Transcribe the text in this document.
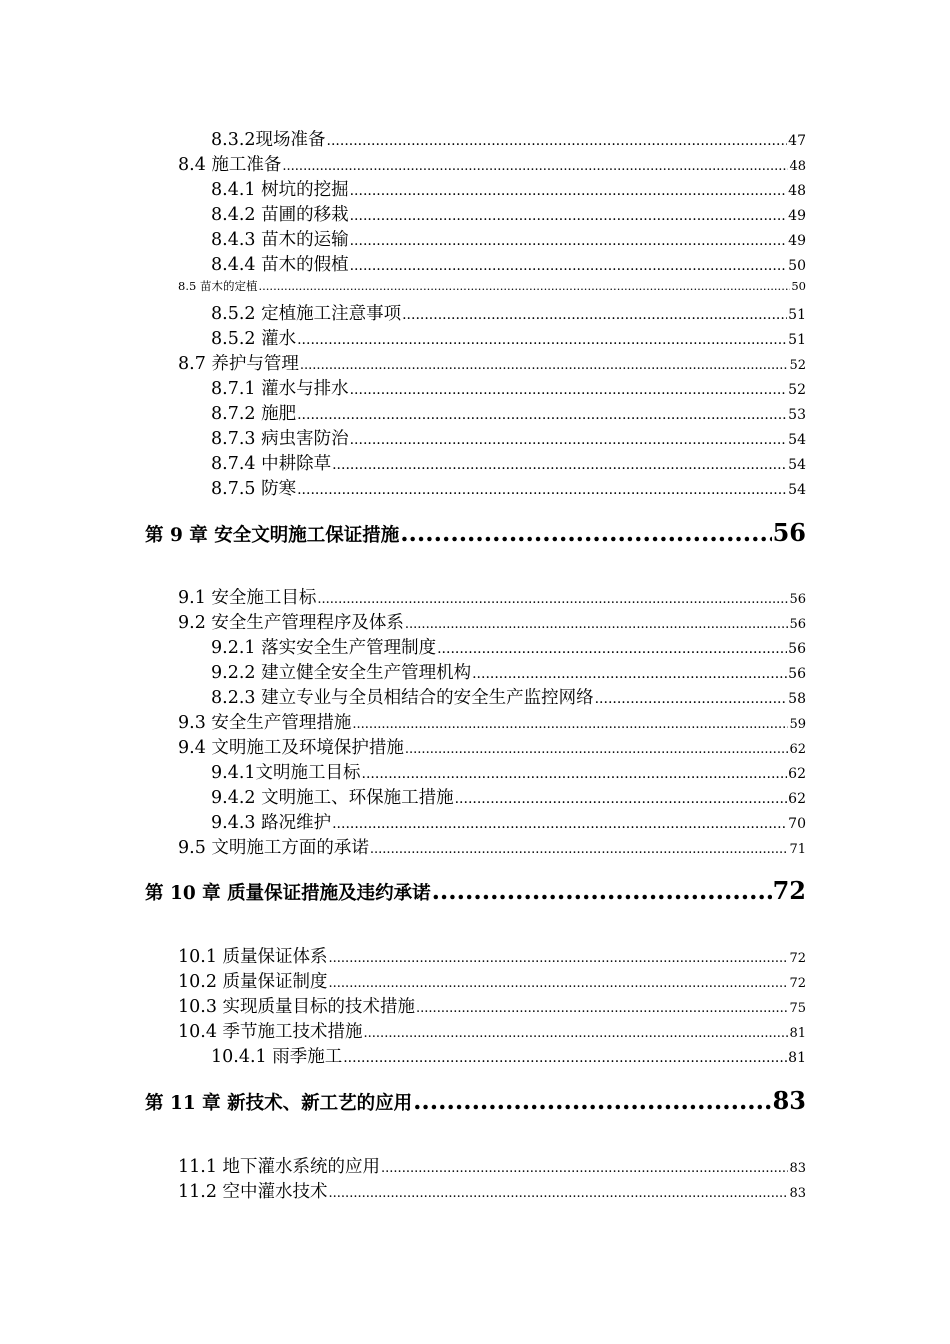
8.3.2现场准备 .....	47
8.4 施工准备 .....	48
8.4.1 树坑的挖掘 .....	48
8.4.2 苗圃的移栽 .....	49
8.4.3 苗木的运输 .....	49
8.4.4 苗木的假植 .....	50
8.5 苗木的定植 .....	50
8.5.2 定植施工注意事项 .....	51
8.5.2 灌水 .....	51
8.7 养护与管理 .....	52
8.7.1 灌水与排水 .....	52
8.7.2 施肥 .....	53
8.7.3 病虫害防治 .....	54
8.7.4 中耕除草 .....	54
8.7.5 防寒 .....	54
第 9 章 安全文明施工保证措施 .....	56
9.1 安全施工目标 .....	56
9.2 安全生产管理程序及体系 .....	56
9.2.1 落实安全生产管理制度 .....	56
9.2.2 建立健全安全生产管理机构 .....	56
8.2.3 建立专业与全员相结合的安全生产监控网络 .....	58
9.3 安全生产管理措施 .....	59
9.4 文明施工及环境保护措施 .....	62
9.4.1文明施工目标 .....	62
9.4.2 文明施工、环保施工措施 .....	62
9.4.3 路况维护 .....	70
9.5 文明施工方面的承诺 .....	71
第 10 章 质量保证措施及违约承诺 .....	72
10.1 质量保证体系 .....	72
10.2 质量保证制度 .....	72
10.3 实现质量目标的技术措施 .....	75
10.4 季节施工技术措施 .....	81
10.4.1 雨季施工 .....	81
第 11 章 新技术、新工艺的应用 .....	83
11.1 地下灌水系统的应用 .....	83
11.2 空中灌水技术 .....	83
